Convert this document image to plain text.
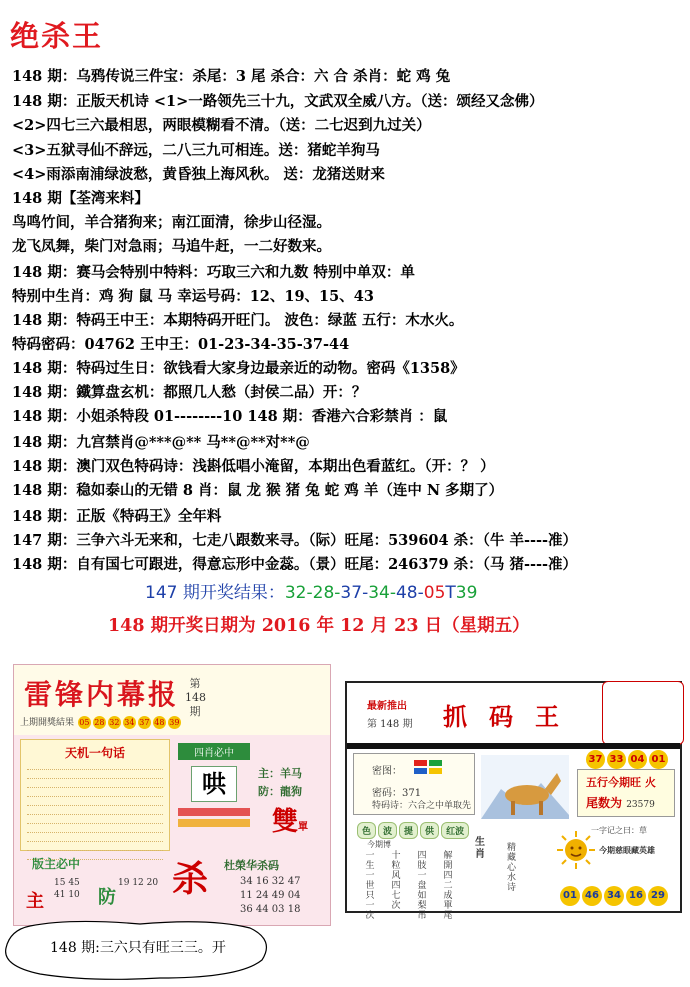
绝杀王
148 期：乌鸦传说三件宝：杀尾：3 尾 杀合：六 合 杀肖：蛇 鸡 兔
148 期：正版天机诗 <1>一路领先三十九，文武双全威八方。（送：颂经又念佛）
<2>四七三六最相思，两眼模糊看不清。（送：二七迟到九过关）
<3>五狱寻仙不辞远，二八三九可相连。送：猪蛇羊狗马
<4>雨添南浦绿波愁，黄昏独上海风秋。 送：龙猪送财来
148 期【荃湾来料】
鸟鸣竹间，羊合猪狗来；南江面清，徐步山径湿。
龙飞凤舞，柴门对急雨；马追牛赶，一二好数来。
148 期：赛马会特别中特料：巧取三六和九数 特别中单双：单
特别中生肖：鸡 狗 鼠 马 幸运号码：12、19、15、43
148 期：特码王中王：本期特码开旺门。 波色：绿蓝 五行：木水火。
特码密码：04762 王中王：01-23-34-35-37-44
148 期：特码过生日：欲钱看大家身边最亲近的动物。密码《1358》
148 期：鐵算盘玄机：都照几人愁（封侯二品）开：？
148 期：小姐杀特段 01--------10 148 期：香港六合彩禁肖 ：鼠
148 期：九宫禁肖@***@** 马**@**对**@
148 期：澳门双色特码诗：浅斟低唱小淹留，本期出色看蓝红。（开：？ ）
148 期：稳如泰山的无错 8 肖：鼠 龙 猴 猪 兔 蛇 鸡 羊（连中 N 多期了）
148 期：正版《特码王》全年料
147 期：三争六斗无来和，七走八跟数来寻。（际）旺尾：539604 杀：（牛 羊----准）
148 期：自有国七可跟进，得意忘形中金蕊。（景）旺尾：246379 杀：（马 猪----准）
147 期开奖结果：32-28-37-34-48-05T39
148 期开奖日期为 2016 年 12 月 23 日（星期五）
雷锋内幕报 第148期
上期開獎結果 05 28 32 34 37 48 39
天机一句话	四肖必中
哄	主：羊马
防：龍狗
雙單
版主必中
主
15 45
41 10 防
19 12 20 杀 杜榮华杀码
34 16 32 47
11 24 49 04
36 44 03 18
最新推出
第 148 期 抓码王
密图：
密码：371
特码诗：六合之中单取先
37 33 04 01
五行今期旺 火
尾数为 23579
色 波 提 供 红波
今期博
一生一世只一次
十粒风四七次
四肢一盘如梨吊
解開四二成單尾
生肖
精藏心水诗
一字记之曰：草
今期慈眼藏英雄
01 46 34 16 29
148 期:三六只有旺三三。开
